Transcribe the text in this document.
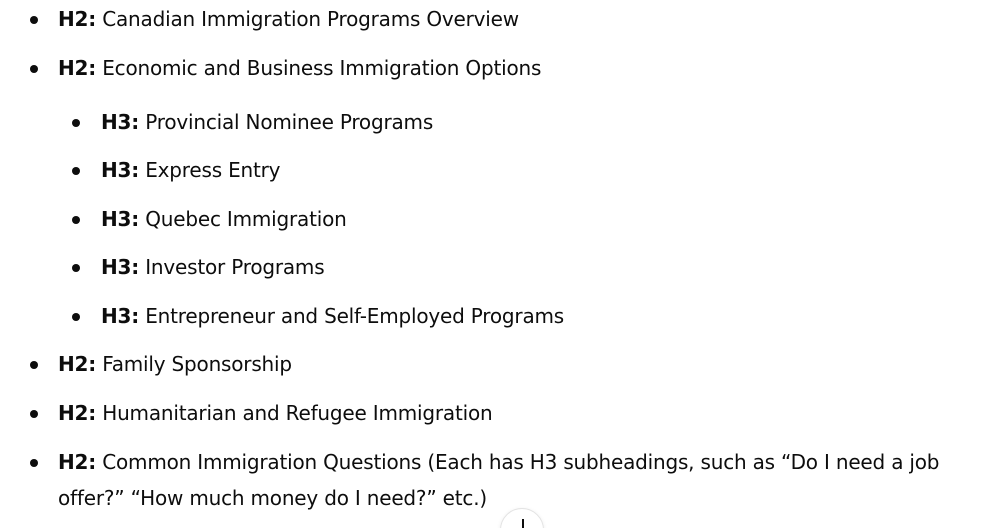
H2: Canadian Immigration Programs Overview
H2: Economic and Business Immigration Options
H3: Provincial Nominee Programs
H3: Express Entry
H3: Quebec Immigration
H3: Investor Programs
H3: Entrepreneur and Self-Employed Programs
H2: Family Sponsorship
H2: Humanitarian and Refugee Immigration
H2: Common Immigration Questions (Each has H3 subheadings, such as “Do I need a job offer?” “How much money do I need?” etc.)
